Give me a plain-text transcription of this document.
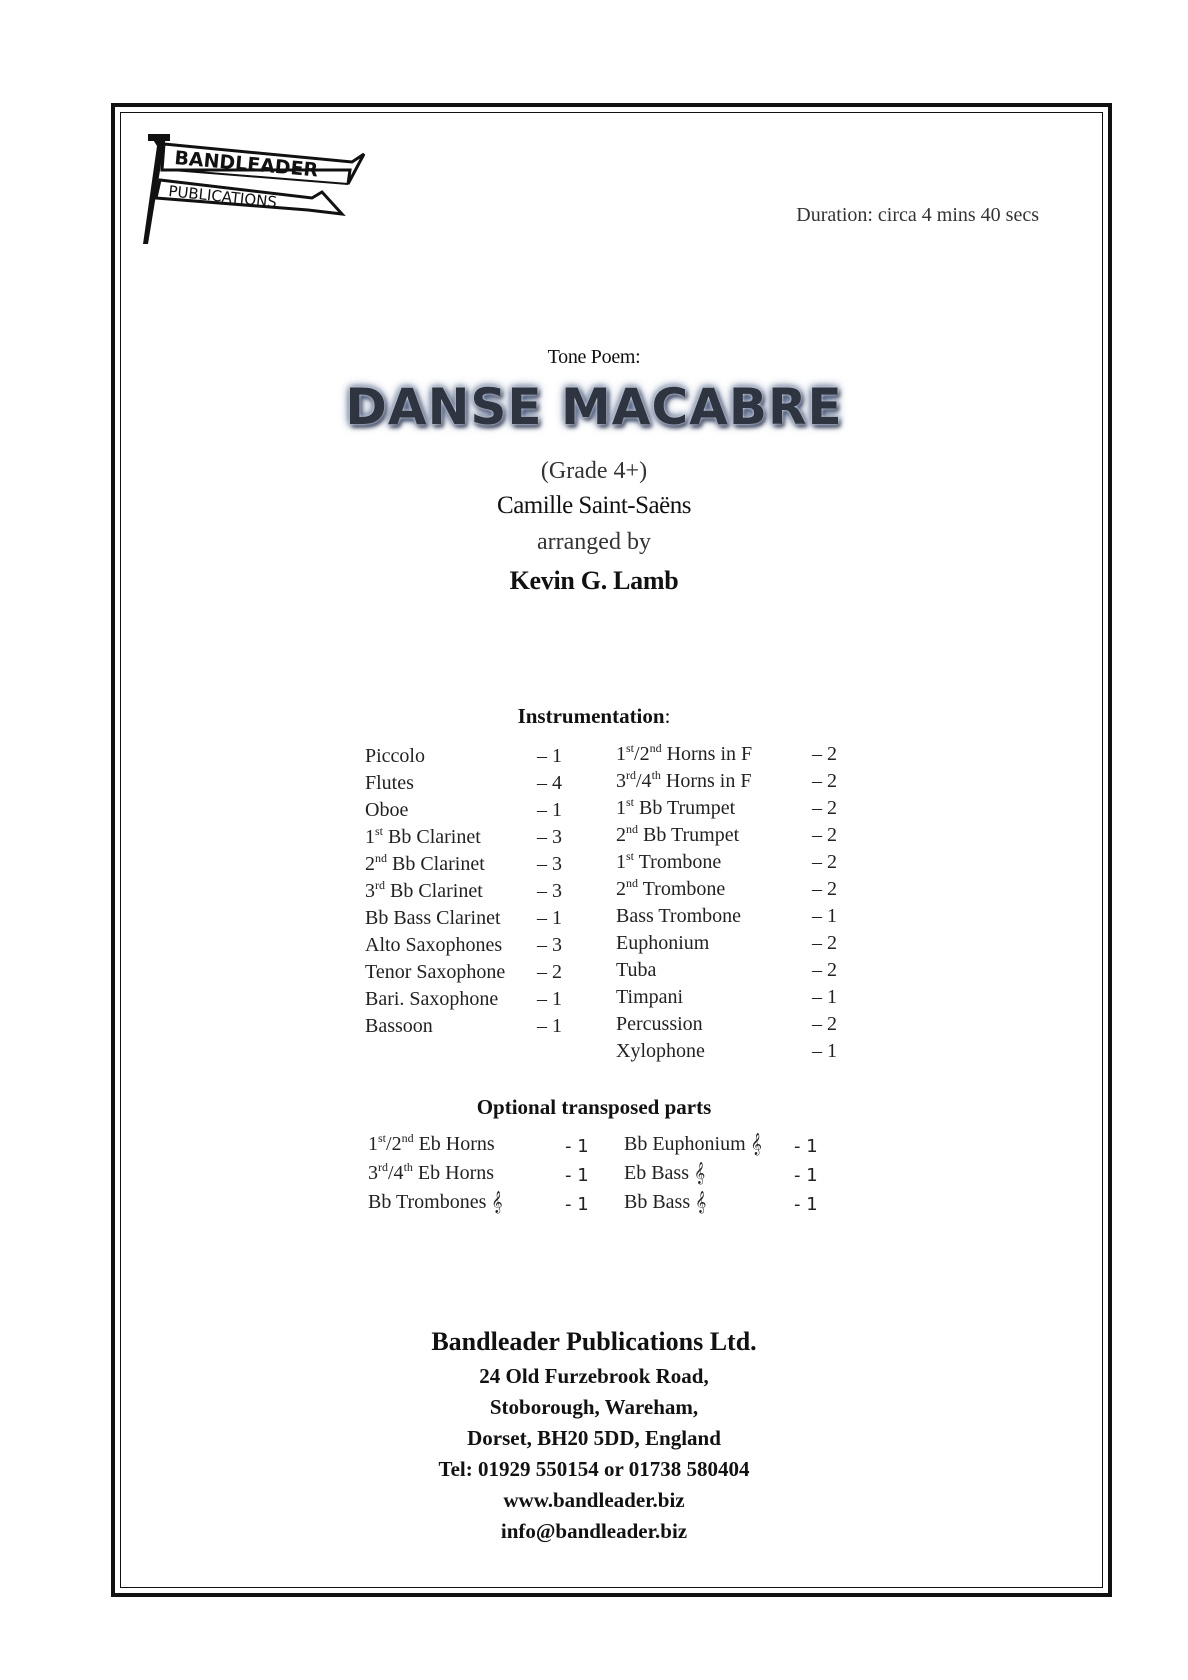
BANDLEADER
PUBLICATIONS
Duration: circa 4 mins 40 secs
Tone Poem:
DANSE MACABRE
(Grade 4+)
Camille Saint-Saëns
arranged by
Kevin G. Lamb
Instrumentation:
Piccolo	– 1
Flutes	– 4
Oboe	– 1
1st Bb Clarinet	– 3
2nd Bb Clarinet	– 3
3rd Bb Clarinet	– 3
Bb Bass Clarinet – 1
Alto Saxophones – 3
Tenor Saxophone – 2
Bari. Saxophone – 1
Bassoon	– 1
1st/2nd Horns in F	– 2
3rd/4th Horns in F	– 2
1st Bb Trumpet	– 2
2nd Bb Trumpet	– 2
1st Trombone	– 2
2nd Trombone	– 2
Bass Trombone	– 1
Euphonium	– 2
Tuba	– 2
Timpani	– 1
Percussion	– 2
Xylophone	– 1
Optional transposed parts
1st/2nd Eb Horns	- 1
3rd/4th Eb Horns	- 1
Bb Trombones 𝄞	- 1
Bb Euphonium 𝄞 - 1
Eb Bass 𝄞	- 1
Bb Bass 𝄞	- 1
Bandleader Publications Ltd.
24 Old Furzebrook Road,
Stoborough, Wareham,
Dorset, BH20 5DD, England
Tel: 01929 550154 or 01738 580404
www.bandleader.biz
info@bandleader.biz
